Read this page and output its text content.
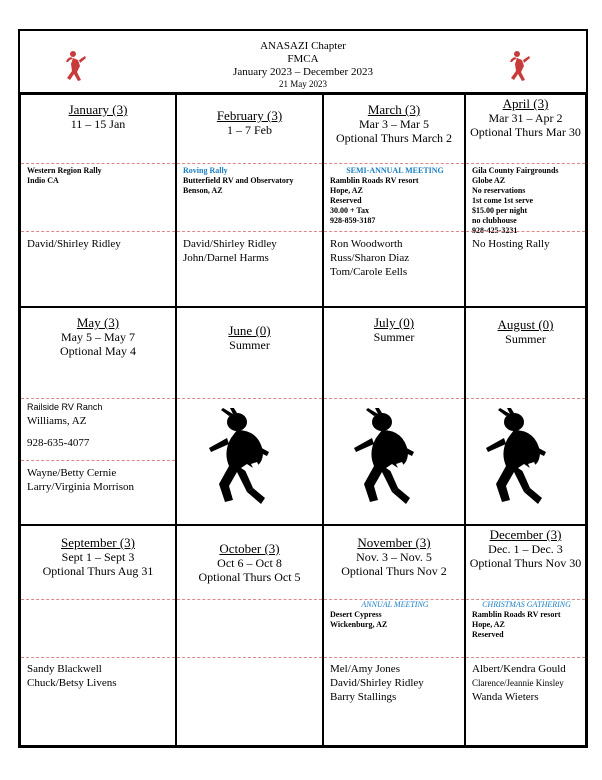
ANASAZI Chapter
FMCA
January 2023 – December 2023
21 May 2023
January (3)
11 – 15 Jan
Western Region Rally
Indio CA
David/Shirley Ridley
February (3)
1 – 7 Feb
Roving Rally
Butterfield RV and Observatory
Benson, AZ
David/Shirley Ridley
John/Darnel Harms
March (3)
Mar 3 – Mar 5
Optional Thurs March 2
SEMI-ANNUAL MEETING
Ramblin Roads RV resort
Hope, AZ
Reserved
30.00 + Tax
928-859-3187
Ron Woodworth
Russ/Sharon Diaz
Tom/Carole Eells
April (3)
Mar 31 – Apr 2
Optional Thurs Mar 30
Gila County Fairgrounds
Globe AZ
No reservations
1st come 1st serve
$15.00 per night
no clubhouse
928-425-3231
No Hosting Rally
May (3)
May 5 – May 7
Optional May 4
Railside RV Ranch
Williams, AZ
928-635-4077
Wayne/Betty Cernie
Larry/Virginia Morrison
June (0)
Summer
July (0)
Summer
August (0)
Summer
September (3)
Sept 1 – Sept 3
Optional Thurs Aug 31
Sandy Blackwell
Chuck/Betsy Livens
October (3)
Oct 6 – Oct 8
Optional Thurs Oct 5
November (3)
Nov. 3 – Nov. 5
Optional Thurs Nov 2
ANNUAL MEETING
Desert Cypress
Wickenburg, AZ
Mel/Amy Jones
David/Shirley Ridley
Barry Stallings
December (3)
Dec. 1 – Dec. 3
Optional Thurs Nov 30
CHRISTMAS GATHERING
Ramblin Roads RV resort
Hope, AZ
Reserved
Albert/Kendra Gould
Clarence/Jeannie Kinsley
Wanda Wieters
